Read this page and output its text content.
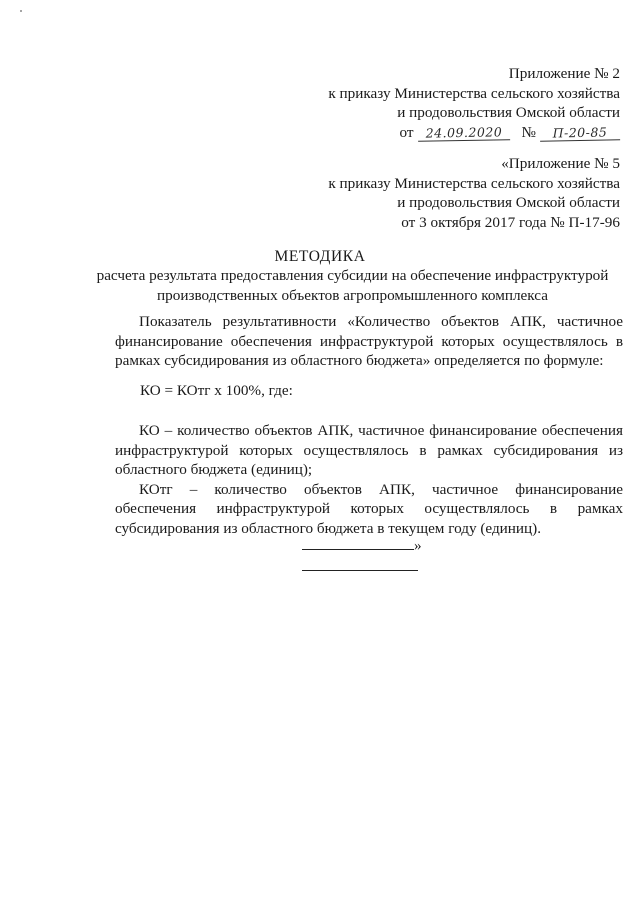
Приложение № 2
к приказу Министерства сельского хозяйства
и продовольствия Омской области
от 24.09.2020 № П-20-85
«Приложение № 5
к приказу Министерства сельского хозяйства
и продовольствия Омской области
от 3 октября 2017 года № П-17-96
МЕТОДИКА
расчета результата предоставления субсидии на обеспечение инфраструктурой производственных объектов агропромышленного комплекса

Показатель результативности «Количество объектов АПК, частичное финансирование обеспечения инфраструктурой которых осуществлялось в рамках субсидирования из областного бюджета» определяется по формуле:

КО = КОтг x 100%, где:

КО – количество объектов АПК, частичное финансирование обеспечения инфраструктурой которых осуществлялось в рамках субсидирования из областного бюджета (единиц);

КОтг – количество объектов АПК, частичное финансирование обеспечения инфраструктурой которых осуществлялось в рамках субсидирования из областного бюджета в текущем году (единиц).

»
